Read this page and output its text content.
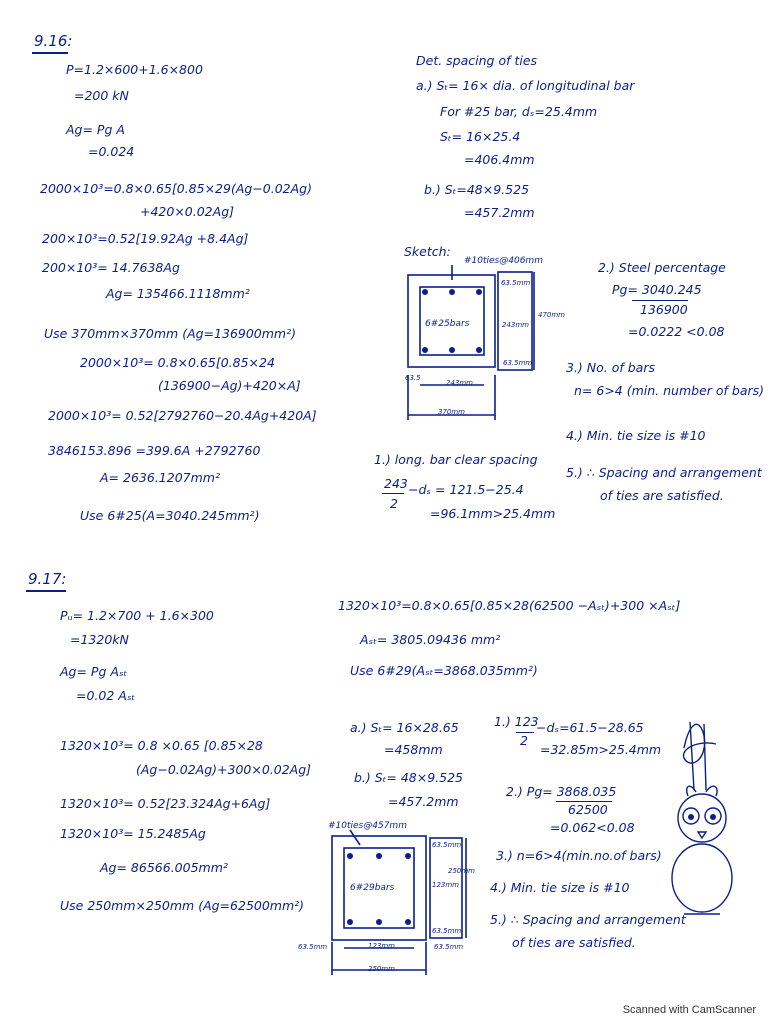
9.16:
P=1.2×600+1.6×800
=200 kN
Ag= Pg A
=0.024
2000×10³=0.8×0.65[0.85×29(Ag−0.02Ag)
+420×0.02Ag]
200×10³=0.52[19.92Ag +8.4Ag]
200×10³= 14.7638Ag
Ag= 135466.1118mm²
Use 370mm×370mm (Ag=136900mm²)
2000×10³= 0.8×0.65[0.85×24
(136900−Ag)+420×A]
2000×10³= 0.52[2792760−20.4Ag+420A]
3846153.896 =399.6A +2792760
A= 2636.1207mm²
Use 6#25(A=3040.245mm²)
Det. spacing of ties
a.) Sₜ= 16× dia. of longitudinal bar
For #25 bar, dₛ=25.4mm
Sₜ= 16×25.4
=406.4mm
b.) Sₜ=48×9.525
=457.2mm
Sketch:
#10ties@406mm
6#25bars
63.5mm
470mm
243mm
63.5mm
63.5
243mm
370mm
2.) Steel percentage
Pg= 3040.245
136900
=0.0222 <0.08
3.) No. of bars
n= 6>4 (min. number of bars)
4.) Min. tie size is #10
5.) ∴ Spacing and arrangement
of ties are satisfied.
1.) long. bar clear spacing
243
2
−dₛ = 121.5−25.4
=96.1mm>25.4mm
9.17:
Pᵤ= 1.2×700 + 1.6×300
=1320kN
Ag= Pg Aₛₜ
=0.02 Aₛₜ
1320×10³= 0.8 ×0.65 [0.85×28
(Ag−0.02Ag)+300×0.02Ag]
1320×10³= 0.52[23.324Ag+6Ag]
1320×10³= 15.2485Ag
Ag= 86566.005mm²
Use 250mm×250mm (Ag=62500mm²)
1320×10³=0.8×0.65[0.85×28(62500 −Aₛₜ)+300 ×Aₛₜ]
Aₛₜ= 3805.09436 mm²
Use 6#29(Aₛₜ=3868.035mm²)
a.) Sₜ= 16×28.65
=458mm
b.) Sₜ= 48×9.525
=457.2mm
1.) 123
2
−dₛ=61.5−28.65
=32.85m>25.4mm
2.) Pg= 3868.035
62500
=0.062<0.08
3.) n=6>4(min.no.of bars)
4.) Min. tie size is #10
5.) ∴ Spacing and arrangement
of ties are satisfied.
#10ties@457mm
6#29bars
63.5mm
250mm
123mm
63.5mm
63.5mm	123mm	63.5mm
250mm
Scanned with CamScanner
